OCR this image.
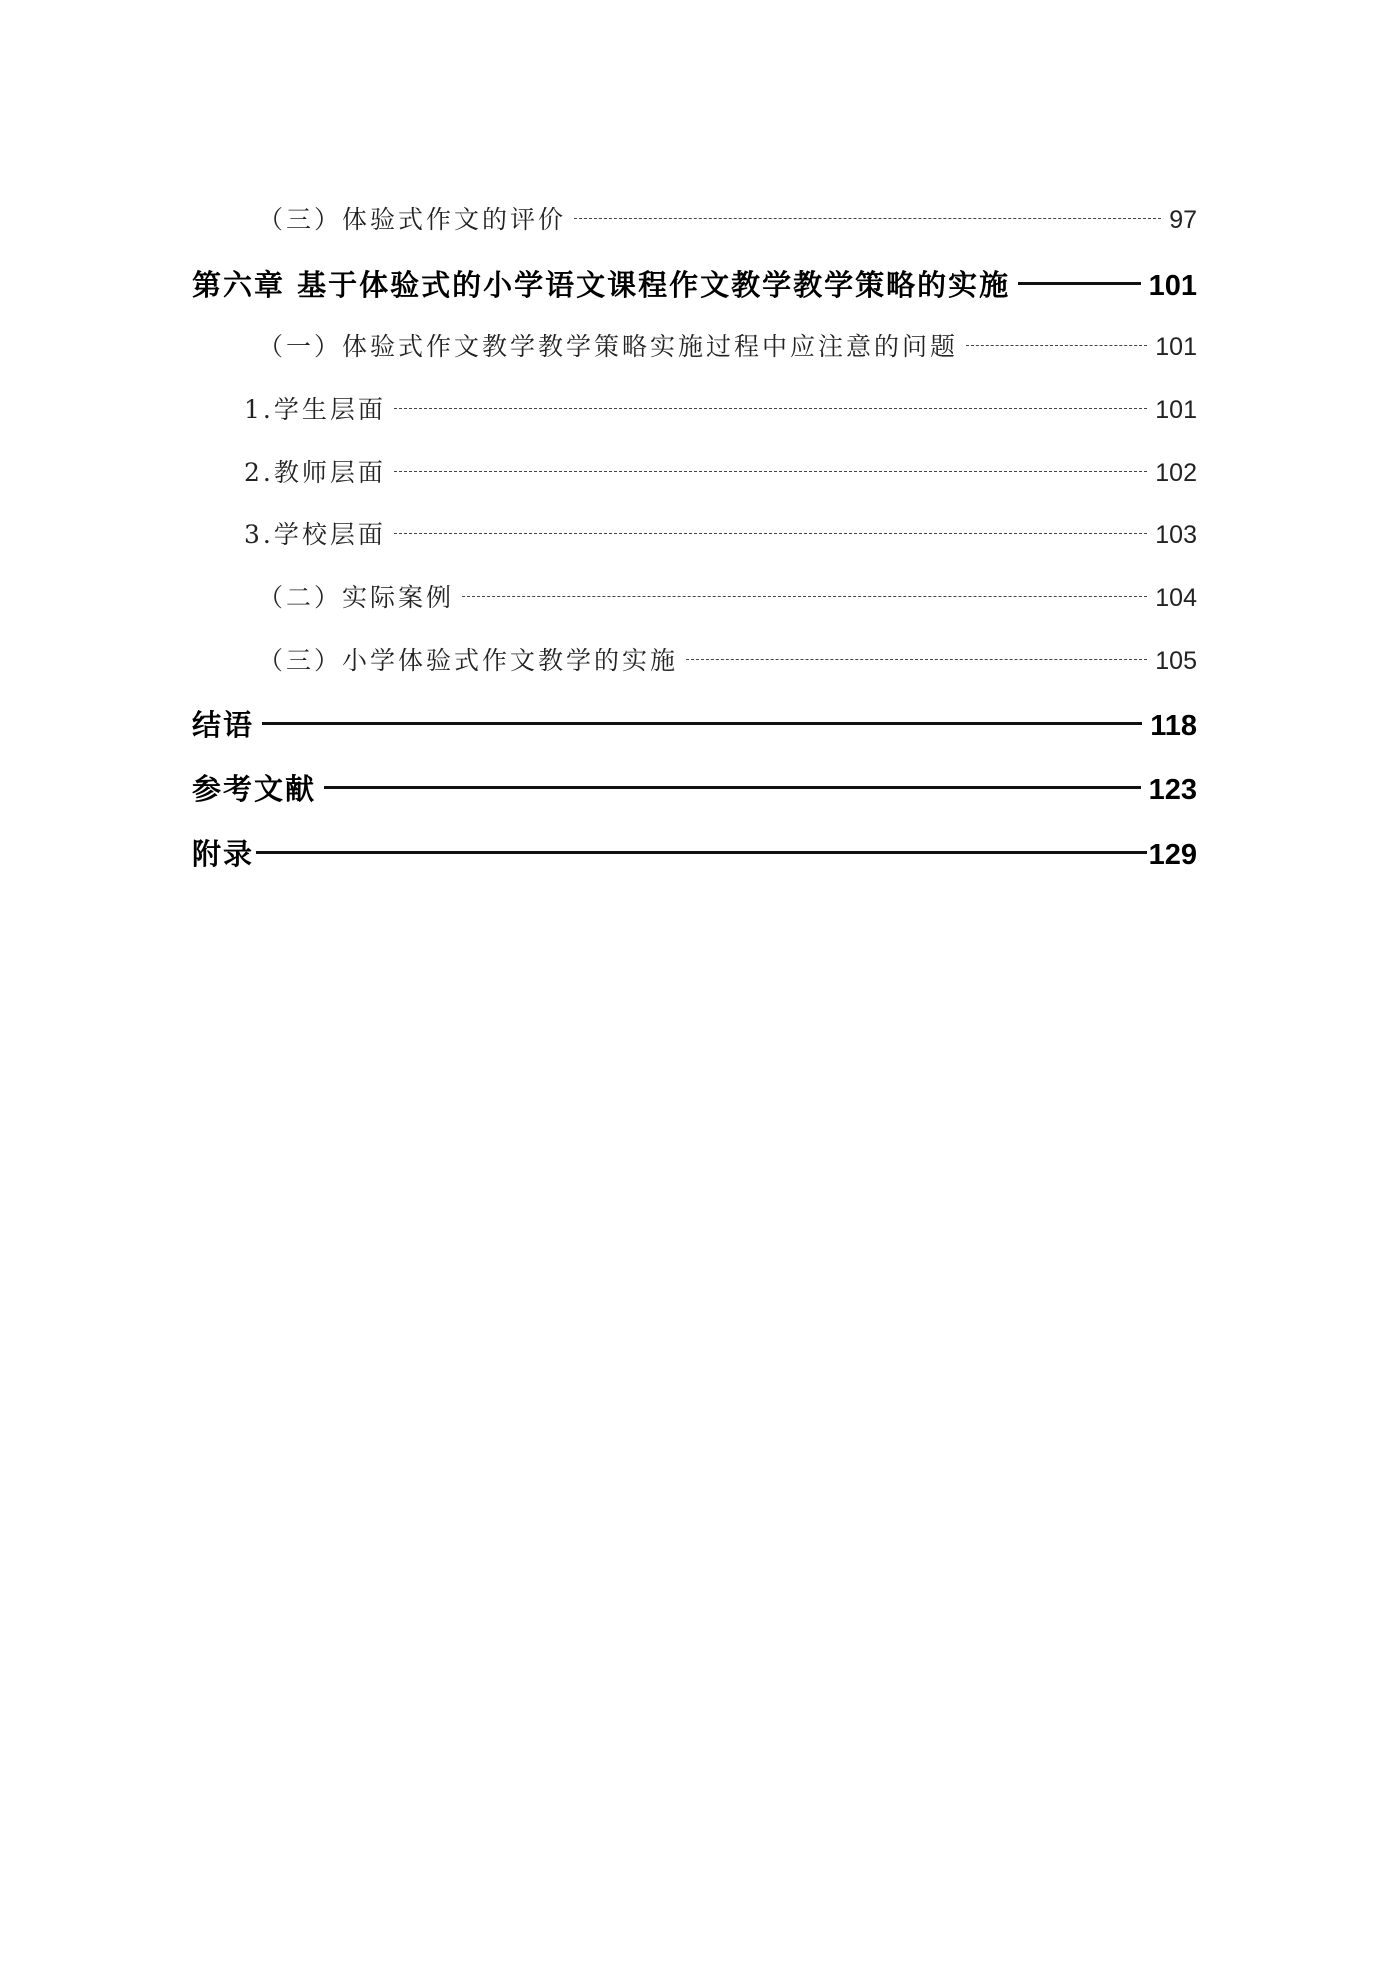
（三）体验式作文的评价	97
第六章 基于体验式的小学语文课程作文教学教学策略的实施	101
（一）体验式作文教学教学策略实施过程中应注意的问题	101
1.学生层面	101
2.教师层面	102
3.学校层面	103
（二）实际案例	104
（三）小学体验式作文教学的实施	105
结语	118
参考文献	123
附录	129
